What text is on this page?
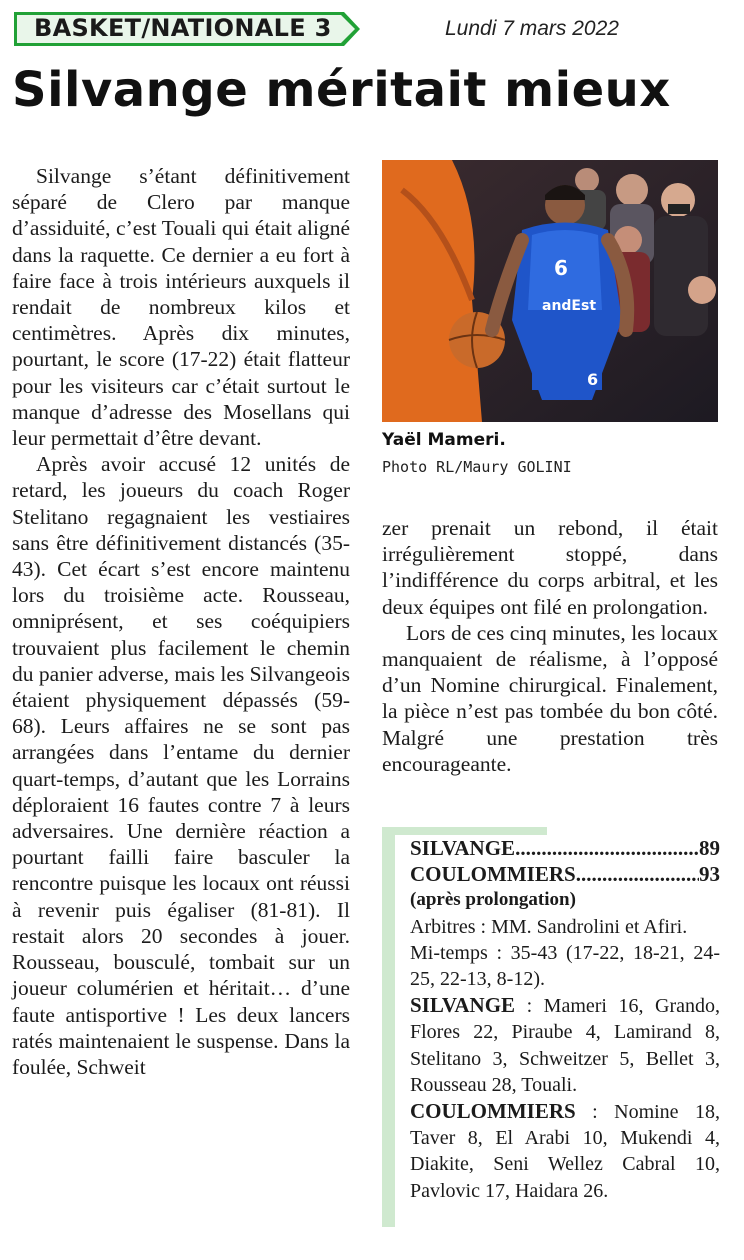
BASKET/NATIONALE 3	Lundi 7 mars 2022
Silvange méritait mieux

Silvange s’étant définitivement séparé de Clero par manque d’assiduité, c’est Touali qui était aligné dans la raquette. Ce dernier a eu fort à faire face à trois intérieurs auxquels il rendait de nombreux kilos et centimètres. Après dix minutes, pourtant, le score (17-22) était flatteur pour les visiteurs car c’était surtout le manque d’adresse des Mosellans qui leur permettait d’être devant.

Après avoir accusé 12 unités de retard, les joueurs du coach Roger Stelitano regagnaient les vestiaires sans être définitivement distancés (35-43). Cet écart s’est encore maintenu lors du troisième acte. Rousseau, omniprésent, et ses coéquipiers trouvaient plus facilement le chemin du panier adverse, mais les Silvangeois étaient physiquement dépassés (59-68). Leurs affaires ne se sont pas arrangées dans l’entame du dernier quart-temps, d’autant que les Lorrains déploraient 16 fautes contre 7 à leurs adversaires. Une dernière réaction a pourtant failli faire basculer la rencontre puisque les locaux ont réussi à revenir puis égaliser (81-81). Il restait alors 20 secondes à jouer. Rousseau, bousculé, tombait sur un joueur columérien et héritait… d’une faute antisportive ! Les deux lancers ratés maintenaient le suspense. Dans la foulée, Schweit

6
andEst
6
Yaël Mameri.
Photo RL/Maury GOLINI

zer prenait un rebond, il était irrégulièrement stoppé, dans l’indifférence du corps arbitral, et les deux équipes ont filé en prolongation.

Lors de ces cinq minutes, les locaux manquaient de réalisme, à l’opposé d’un Nomine chirurgical. Finalement, la pièce n’est pas tombée du bon côté. Malgré une prestation très encourageante.

SILVANGE .....	89
COULOMMIERS .....	93
(après prolongation)

Arbitres : MM. Sandrolini et Afiri.

Mi-temps : 35-43 (17-22, 18-21, 24-25, 22-13, 8-12).

SILVANGE : Mameri 16, Grando, Flores 22, Piraube 4, Lamirand 8, Stelitano 3, Schweitzer 5, Bellet 3, Rousseau 28, Touali.

COULOMMIERS : Nomine 18, Taver 8, El Arabi 10, Mukendi 4, Diakite, Seni Wellez Cabral 10, Pavlovic 17, Haidara 26.
